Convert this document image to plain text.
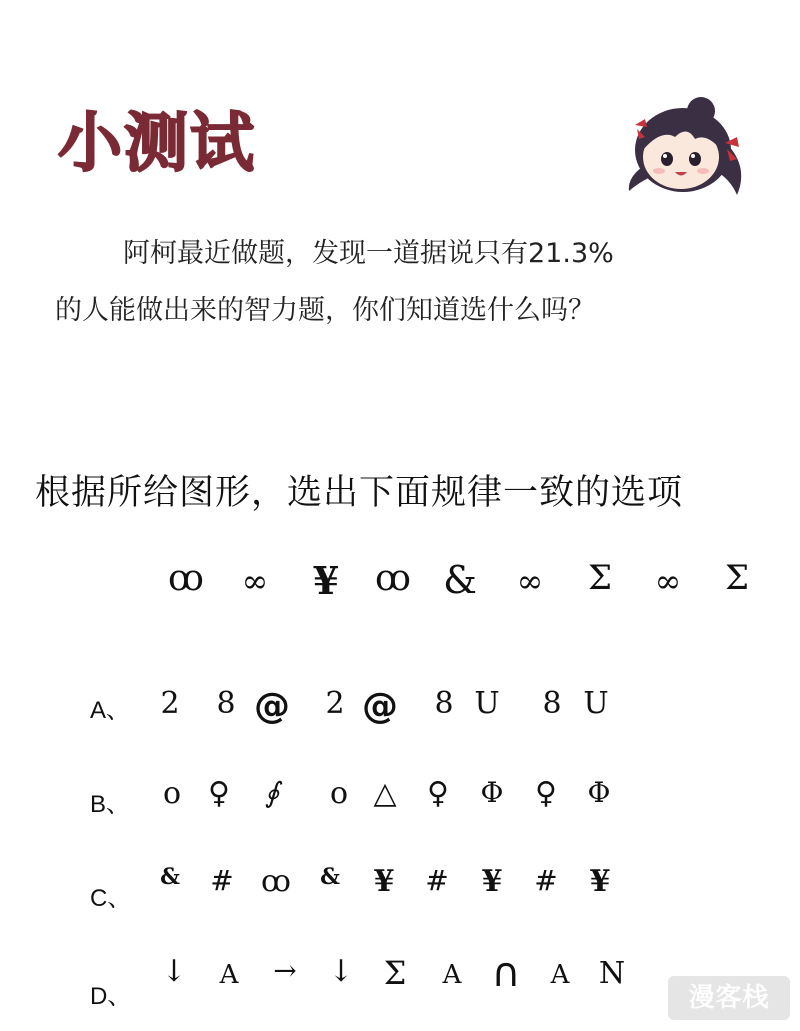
小测试
阿柯最近做题，发现一道据说只有21.3%
的人能做出来的智力题，你们知道选什么吗？
根据所给图形，选出下面规律一致的选项
ꝏ ∞ ¥ ꝏ & ∞ Σ ∞ Σ
A、 2 8 @ 2 @ 8 U 8 U
B、 o ♀ ∮ o △ ♀ Φ ♀ Φ
C、
& # ꝏ & ¥ # ¥ # ¥
D、
↓ A → ↓ Σ A ∩ A N
漫客栈
